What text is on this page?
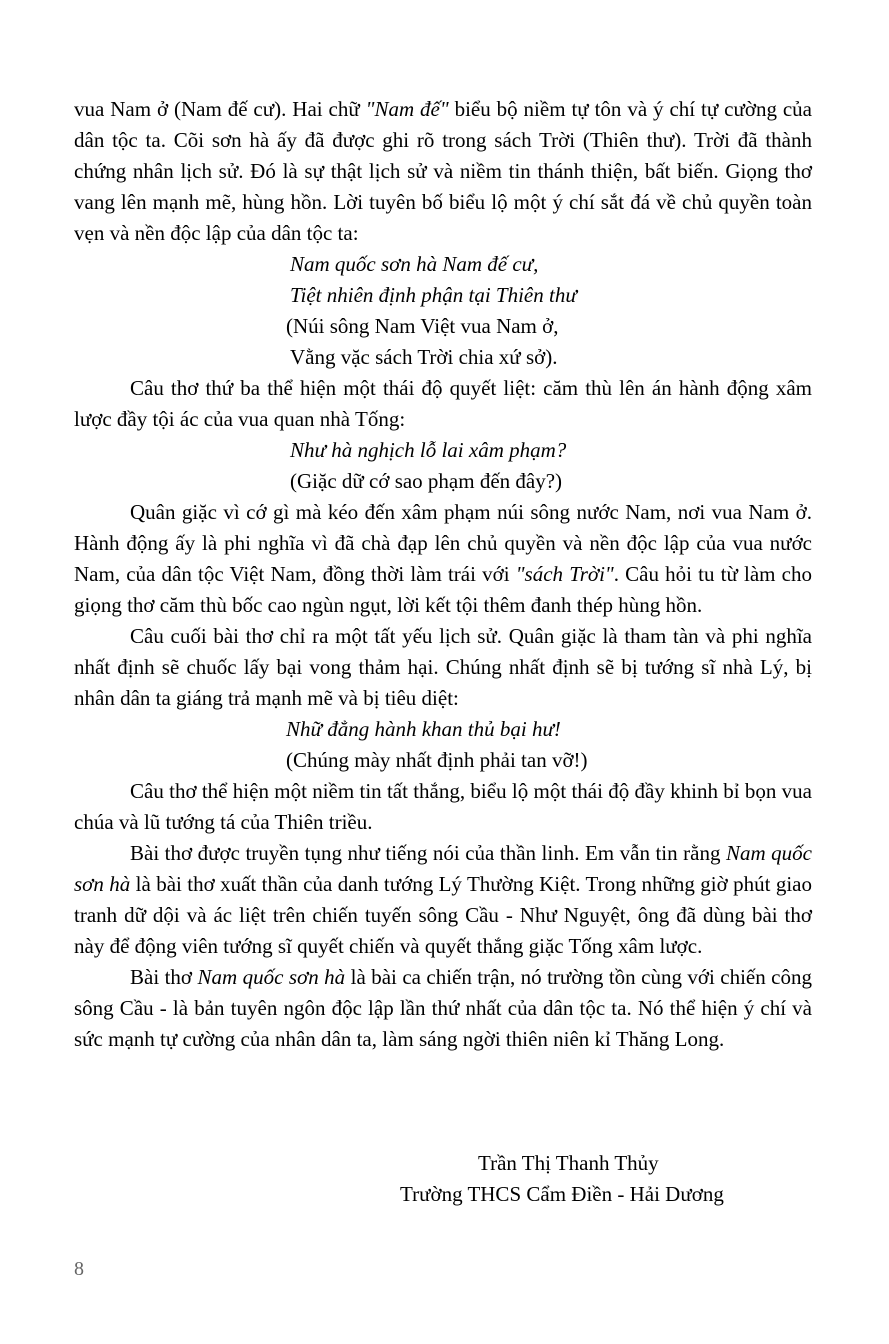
vua Nam ở (Nam đế cư). Hai chữ "Nam đế" biểu bộ niềm tự tôn và ý chí tự cường của dân tộc ta. Cõi sơn hà ấy đã được ghi rõ trong sách Trời (Thiên thư). Trời đã thành chứng nhân lịch sử. Đó là sự thật lịch sử và niềm tin thánh thiện, bất biến. Giọng thơ vang lên mạnh mẽ, hùng hồn. Lời tuyên bố biểu lộ một ý chí sắt đá về chủ quyền toàn vẹn và nền độc lập của dân tộc ta:

Nam quốc sơn hà Nam đế cư,

Tiệt nhiên định phận tại Thiên thư

(Núi sông Nam Việt vua Nam ở,

Vằng vặc sách Trời chia xứ sở).

Câu thơ thứ ba thể hiện một thái độ quyết liệt: căm thù lên án hành động xâm lược đầy tội ác của vua quan nhà Tống:

Như hà nghịch lỗ lai xâm phạm?

(Giặc dữ cớ sao phạm đến đây?)

Quân giặc vì cớ gì mà kéo đến xâm phạm núi sông nước Nam, nơi vua Nam ở. Hành động ấy là phi nghĩa vì đã chà đạp lên chủ quyền và nền độc lập của vua nước Nam, của dân tộc Việt Nam, đồng thời làm trái với "sách Trời". Câu hỏi tu từ làm cho giọng thơ căm thù bốc cao ngùn ngụt, lời kết tội thêm đanh thép hùng hồn.

Câu cuối bài thơ chỉ ra một tất yếu lịch sử. Quân giặc là tham tàn và phi nghĩa nhất định sẽ chuốc lấy bại vong thảm hại. Chúng nhất định sẽ bị tướng sĩ nhà Lý, bị nhân dân ta giáng trả mạnh mẽ và bị tiêu diệt:

Nhữ đẳng hành khan thủ bại hư!

(Chúng mày nhất định phải tan vỡ!)

Câu thơ thể hiện một niềm tin tất thắng, biểu lộ một thái độ đầy khinh bỉ bọn vua chúa và lũ tướng tá của Thiên triều.

Bài thơ được truyền tụng như tiếng nói của thần linh. Em vẫn tin rằng Nam quốc sơn hà là bài thơ xuất thần của danh tướng Lý Thường Kiệt. Trong những giờ phút giao tranh dữ dội và ác liệt trên chiến tuyến sông Cầu - Như Nguyệt, ông đã dùng bài thơ này để động viên tướng sĩ quyết chiến và quyết thắng giặc Tống xâm lược.

Bài thơ Nam quốc sơn hà là bài ca chiến trận, nó trường tồn cùng với chiến công sông Cầu - là bản tuyên ngôn độc lập lần thứ nhất của dân tộc ta. Nó thể hiện ý chí và sức mạnh tự cường của nhân dân ta, làm sáng ngời thiên niên kỉ Thăng Long.

Trần Thị Thanh Thủy

Trường THCS Cẩm Điền - Hải Dương

8
